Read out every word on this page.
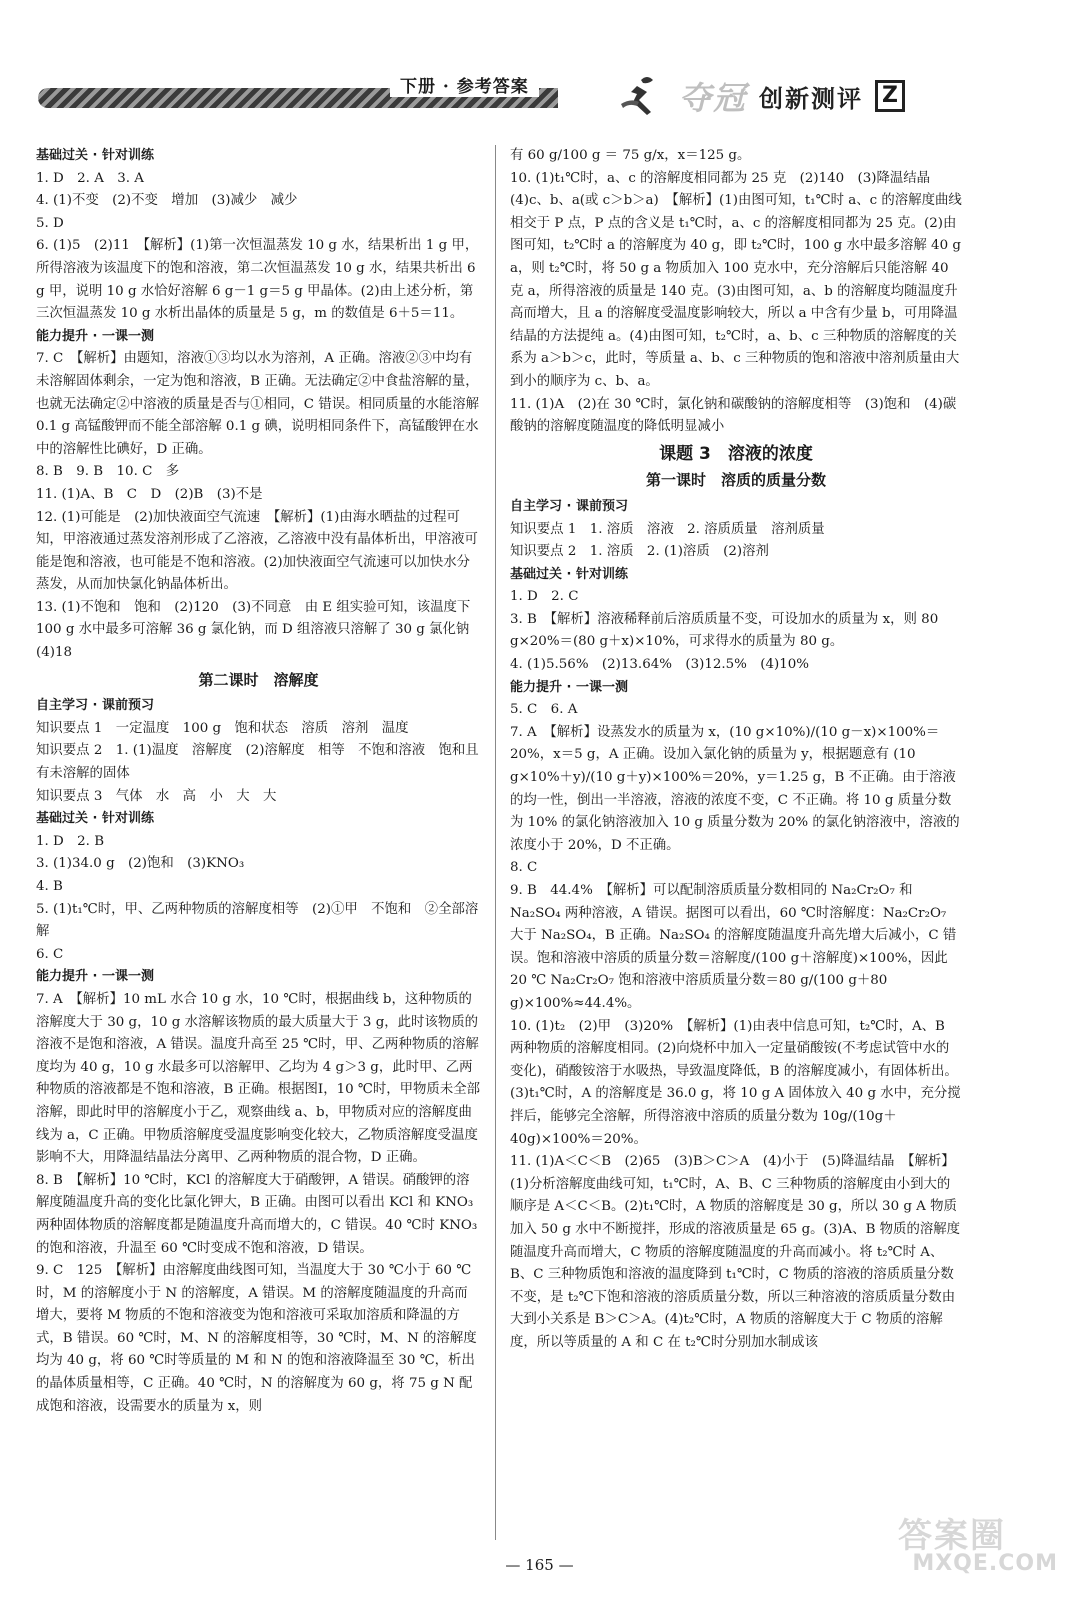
下册 · 参考答案	夺冠 创新测评 Z
基础过关 · 针对训练
1. D　2. A　3. A
4. (1)不变　(2)不变　增加　(3)减少　减少
5. D
6. (1)5　(2)11　【解析】(1)第一次恒温蒸发 10 g 水，结果析出 1 g 甲，所得溶液为该温度下的饱和溶液，第二次恒温蒸发 10 g 水，结果共析出 6 g 甲，说明 10 g 水恰好溶解 6 g－1 g＝5 g 甲晶体。(2)由上述分析，第三次恒温蒸发 10 g 水析出晶体的质量是 5 g，m 的数值是 6＋5＝11。
能力提升 · 一课一测
7. C　【解析】由题知，溶液①③均以水为溶剂，A 正确。溶液②③中均有未溶解固体剩余，一定为饱和溶液，B 正确。无法确定②中食盐溶解的量，也就无法确定②中溶液的质量是否与①相同，C 错误。相同质量的水能溶解 0.1 g 高锰酸钾而不能全部溶解 0.1 g 碘，说明相同条件下，高锰酸钾在水中的溶解性比碘好，D 正确。
8. B　9. B　10. C　多
11. (1)A、B　C　D　(2)B　(3)不是
12. (1)可能是　(2)加快液面空气流速　【解析】(1)由海水晒盐的过程可知，甲溶液通过蒸发溶剂形成了乙溶液，乙溶液中没有晶体析出，甲溶液可能是饱和溶液，也可能是不饱和溶液。(2)加快液面空气流速可以加快水分蒸发，从而加快氯化钠晶体析出。
13. (1)不饱和　饱和　(2)120　(3)不同意　由 E 组实验可知，该温度下 100 g 水中最多可溶解 36 g 氯化钠，而 D 组溶液只溶解了 30 g 氯化钠　(4)18
第二课时　溶解度
自主学习 · 课前预习
知识要点 1　一定温度　100 g　饱和状态　溶质　溶剂　温度
知识要点 2　1. (1)温度　溶解度　(2)溶解度　相等　不饱和溶液　饱和且有未溶解的固体
知识要点 3　气体　水　高　小　大　大
基础过关 · 针对训练
1. D　2. B
3. (1)34.0 g　(2)饱和　(3)KNO₃
4. B
5. (1)t₁℃时，甲、乙两种物质的溶解度相等　(2)①甲　不饱和　②全部溶解
6. C
能力提升 · 一课一测
7. A　【解析】10 mL 水合 10 g 水，10 ℃时，根据曲线 b，这种物质的溶解度大于 30 g，10 g 水溶解该物质的最大质量大于 3 g，此时该物质的溶液不是饱和溶液，A 错误。温度升高至 25 ℃时，甲、乙两种物质的溶解度均为 40 g，10 g 水最多可以溶解甲、乙均为 4 g＞3 g，此时甲、乙两种物质的溶液都是不饱和溶液，B 正确。根据图Ⅰ，10 ℃时，甲物质未全部溶解，即此时甲的溶解度小于乙，观察曲线 a、b，甲物质对应的溶解度曲线为 a，C 正确。甲物质溶解度受温度影响变化较大，乙物质溶解度受温度影响不大，用降温结晶法分离甲、乙两种物质的混合物，D 正确。
8. B　【解析】10 ℃时，KCl 的溶解度大于硝酸钾，A 错误。硝酸钾的溶解度随温度升高的变化比氯化钾大，B 正确。由图可以看出 KCl 和 KNO₃ 两种固体物质的溶解度都是随温度升高而增大的，C 错误。40 ℃时 KNO₃ 的饱和溶液，升温至 60 ℃时变成不饱和溶液，D 错误。
9. C　125　【解析】由溶解度曲线图可知，当温度大于 30 ℃小于 60 ℃时，M 的溶解度小于 N 的溶解度，A 错误。M 的溶解度随温度的升高而增大，要将 M 物质的不饱和溶液变为饱和溶液可采取加溶质和降温的方式，B 错误。60 ℃时，M、N 的溶解度相等，30 ℃时，M、N 的溶解度均为 40 g，将 60 ℃时等质量的 M 和 N 的饱和溶液降温至 30 ℃，析出的晶体质量相等，C 正确。40 ℃时，N 的溶解度为 60 g，将 75 g N 配成饱和溶液，设需要水的质量为 x，则
有 60 g/100 g ＝ 75 g/x，x＝125 g。
10. (1)t₁℃时，a、c 的溶解度相同都为 25 克　(2)140　(3)降温结晶　(4)c、b、a(或 c＞b＞a)　【解析】(1)由图可知，t₁℃时 a、c 的溶解度曲线相交于 P 点，P 点的含义是 t₁℃时，a、c 的溶解度相同都为 25 克。(2)由图可知，t₂℃时 a 的溶解度为 40 g，即 t₂℃时，100 g 水中最多溶解 40 g a，则 t₂℃时，将 50 g a 物质加入 100 克水中，充分溶解后只能溶解 40 克 a，所得溶液的质量是 140 克。(3)由图可知，a、b 的溶解度均随温度升高而增大，且 a 的溶解度受温度影响较大，所以 a 中含有少量 b，可用降温结晶的方法提纯 a。(4)由图可知，t₂℃时，a、b、c 三种物质的溶解度的关系为 a＞b＞c，此时，等质量 a、b、c 三种物质的饱和溶液中溶剂质量由大到小的顺序为 c、b、a。
11. (1)A　(2)在 30 ℃时，氯化钠和碳酸钠的溶解度相等　(3)饱和　(4)碳酸钠的溶解度随温度的降低明显减小
课题 3　溶液的浓度
第一课时　溶质的质量分数
自主学习 · 课前预习
知识要点 1　1. 溶质　溶液　2. 溶质质量　溶剂质量
知识要点 2　1. 溶质　2. (1)溶质　(2)溶剂
基础过关 · 针对训练
1. D　2. C
3. B　【解析】溶液稀释前后溶质质量不变，可设加水的质量为 x，则 80 g×20%＝(80 g＋x)×10%，可求得水的质量为 80 g。
4. (1)5.56%　(2)13.64%　(3)12.5%　(4)10%
能力提升 · 一课一测
5. C　6. A
7. A　【解析】设蒸发水的质量为 x，(10 g×10%)/(10 g－x)×100%＝20%，x＝5 g，A 正确。设加入氯化钠的质量为 y，根据题意有 (10 g×10%＋y)/(10 g＋y)×100%＝20%，y＝1.25 g，B 不正确。由于溶液的均一性，倒出一半溶液，溶液的浓度不变，C 不正确。将 10 g 质量分数为 10% 的氯化钠溶液加入 10 g 质量分数为 20% 的氯化钠溶液中，溶液的浓度小于 20%，D 不正确。
8. C
9. B　44.4%　【解析】可以配制溶质质量分数相同的 Na₂Cr₂O₇ 和 Na₂SO₄ 两种溶液，A 错误。据图可以看出，60 ℃时溶解度：Na₂Cr₂O₇ 大于 Na₂SO₄，B 正确。Na₂SO₄ 的溶解度随温度升高先增大后减小，C 错误。饱和溶液中溶质的质量分数＝溶解度/(100 g＋溶解度)×100%，因此 20 ℃ Na₂Cr₂O₇ 饱和溶液中溶质质量分数＝80 g/(100 g＋80 g)×100%≈44.4%。
10. (1)t₂　(2)甲　(3)20%　【解析】(1)由表中信息可知，t₂℃时，A、B 两种物质的溶解度相同。(2)向烧杯中加入一定量硝酸铵(不考虑试管中水的变化)，硝酸铵溶于水吸热，导致温度降低，B 的溶解度减小，有固体析出。(3)t₁℃时，A 的溶解度是 36.0 g，将 10 g A 固体放入 40 g 水中，充分搅拌后，能够完全溶解，所得溶液中溶质的质量分数为 10g/(10g＋40g)×100%＝20%。
11. (1)A＜C＜B　(2)65　(3)B＞C＞A　(4)小于　(5)降温结晶　【解析】(1)分析溶解度曲线可知，t₁℃时，A、B、C 三种物质的溶解度由小到大的顺序是 A＜C＜B。(2)t₁℃时，A 物质的溶解度是 30 g，所以 30 g A 物质加入 50 g 水中不断搅拌，形成的溶液质量是 65 g。(3)A、B 物质的溶解度随温度升高而增大，C 物质的溶解度随温度的升高而减小。将 t₂℃时 A、B、C 三种物质饱和溶液的温度降到 t₁℃时，C 物质的溶液的溶质质量分数不变，是 t₂℃下饱和溶液的溶质质量分数，所以三种溶液的溶质质量分数由大到小关系是 B＞C＞A。(4)t₂℃时，A 物质的溶解度大于 C 物质的溶解度，所以等质量的 A 和 C 在 t₂℃时分别加水制成该
— 165 —
答案圈
MXQE.COM
